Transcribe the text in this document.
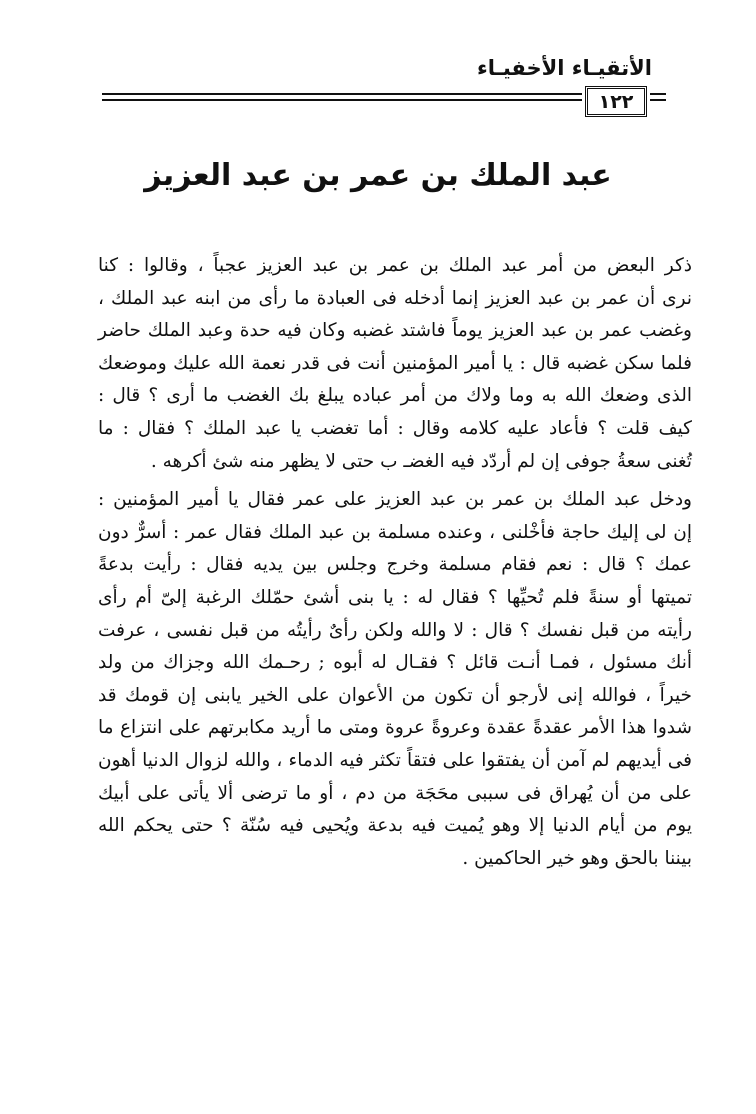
الأتقيـاء الأخفيـاء
١٢٢
عبد الملك بن عمر بن عبد العزيز
ذكر البعض من أمر عبد الملك بن عمر بن عبد العزيز عجباً ، وقالوا : كنا
نرى أن عمر بن عبد العزيز إنما أدخله فى العبادة ما رأى من ابنه عبد الملك ،
وغضب عمر بن عبد العزيز يوماً فاشتد غضبه وكان فيه حدة وعبد الملك حاضر
فلما سكن غضبه قال : يا أمير المؤمنين أنت فى قدر نعمة الله عليك وموضعك
الذى وضعك الله به وما ولاك من أمر عباده يبلغ بك الغضب ما أرى ؟ قال :
كيف قلت ؟ فأعاد عليه كلامه وقال : أما تغضب يا عبد الملك ؟ فقال : ما
تُغنى سعةُ جوفى إن لم أردّد فيه الغضـ ب حتى لا يظهر منه شئ أكرهه .
ودخل عبد الملك بن عمر بن عبد العزيز على عمر فقال يا أمير المؤمنين :
إن لى إليك حاجة فأخْلنى ، وعنده مسلمة بن عبد الملك فقال عمر : أسرٌّ دون
عمك ؟ قال : نعم فقام مسلمة وخرج وجلس بين يديه فقال : رأيت بدعةً
تميتها أو سنةً فلم تُحيِّها ؟ فقال له : يا بنى أشئ حمّلك الرغبة إلىّ أم رأى
رأيته من قبل نفسك ؟ قال : لا والله ولكن رأىٌ رأيتُه من قبل نفسى ، عرفت
أنك مسئول ، فمـا أنـت قائل ؟ فقـال له أبوه ; رحـمك الله وجزاك من ولد
خيراً ، فوالله إنى لأرجو أن تكون من الأعوان على الخير يابنى إن قومك قد
شدوا هذا الأمر عقدةً عقدة وعروةً عروة ومتى ما أريد مكابرتهم على انتزاع ما
فى أيديهم لم آمن أن يفتقوا على فتقاً تكثر فيه الدماء ، والله لزوال الدنيا أهون
على من أن يُهراق فى سببى محَجَة من دم ، أو ما ترضى ألا يأتى على أبيك
يوم من أيام الدنيا إلا وهو يُميت فيه بدعة ويُحيى فيه سُنّة ؟ حتى يحكم الله
بيننا بالحق وهو خير الحاكمين .
